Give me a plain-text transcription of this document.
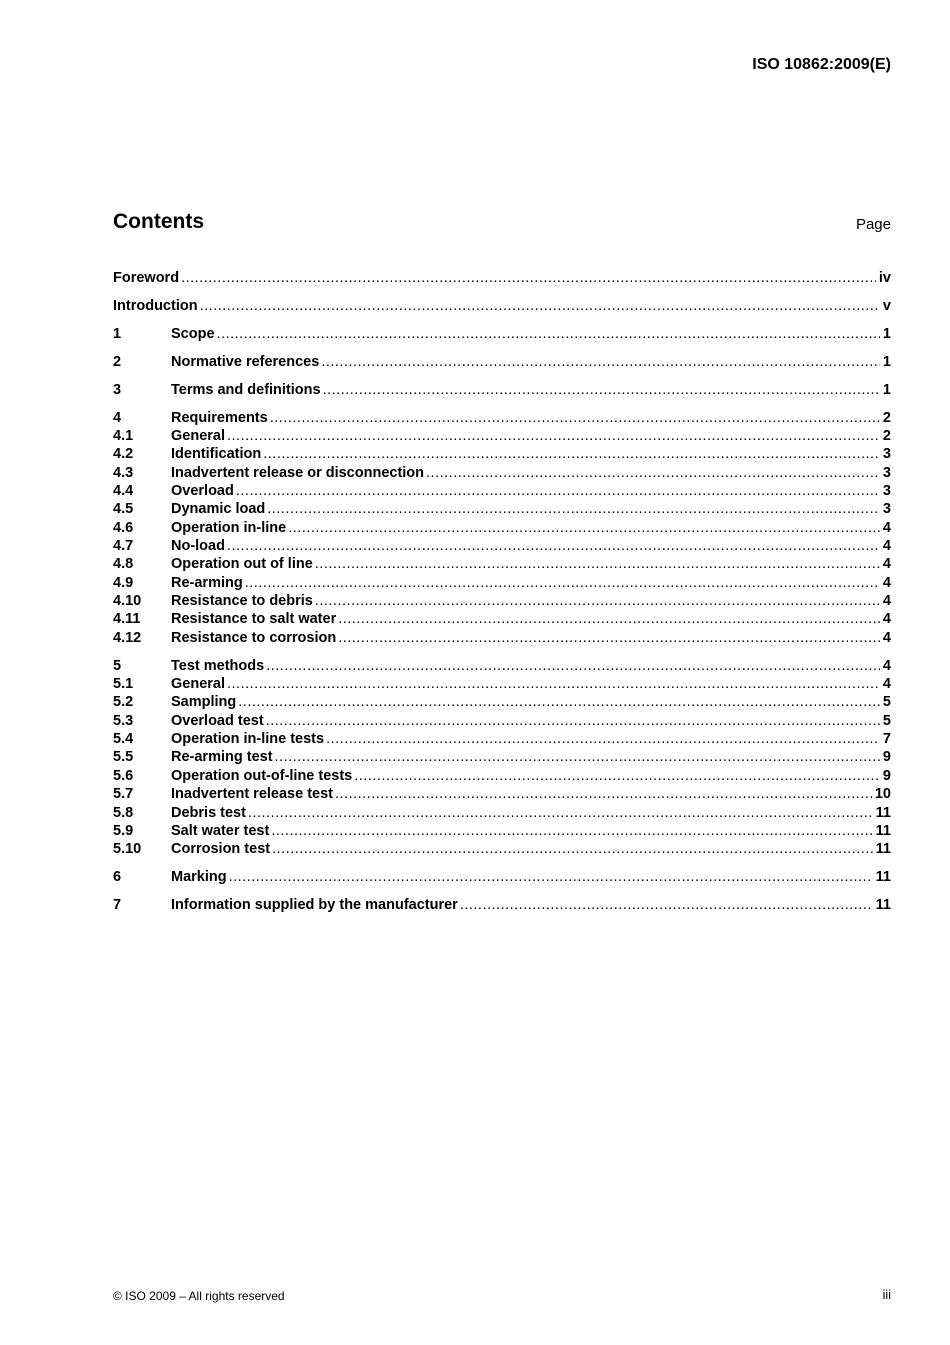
ISO 10862:2009(E)
Contents	Page
Foreword .....	iv
Introduction .....	v
1	Scope .....	1
2	Normative references .....	1
3	Terms and definitions .....	1
4	Requirements .....	2
4.1	General .....	2
4.2	Identification .....	3
4.3	Inadvertent release or disconnection .....	3
4.4	Overload .....	3
4.5	Dynamic load .....	3
4.6	Operation in-line .....	4
4.7	No-load .....	4
4.8	Operation out of line .....	4
4.9	Re-arming .....	4
4.10	Resistance to debris .....	4
4.11	Resistance to salt water .....	4
4.12	Resistance to corrosion .....	4
5	Test methods .....	4
5.1	General .....	4
5.2	Sampling .....	5
5.3	Overload test .....	5
5.4	Operation in-line tests .....	7
5.5	Re-arming test .....	9
5.6	Operation out-of-line tests .....	9
5.7	Inadvertent release test .....	10
5.8	Debris test .....	11
5.9	Salt water test .....	11
5.10	Corrosion test .....	11
6	Marking .....	11
7	Information supplied by the manufacturer .....	11
© ISO 2009 – All rights reserved	iii
